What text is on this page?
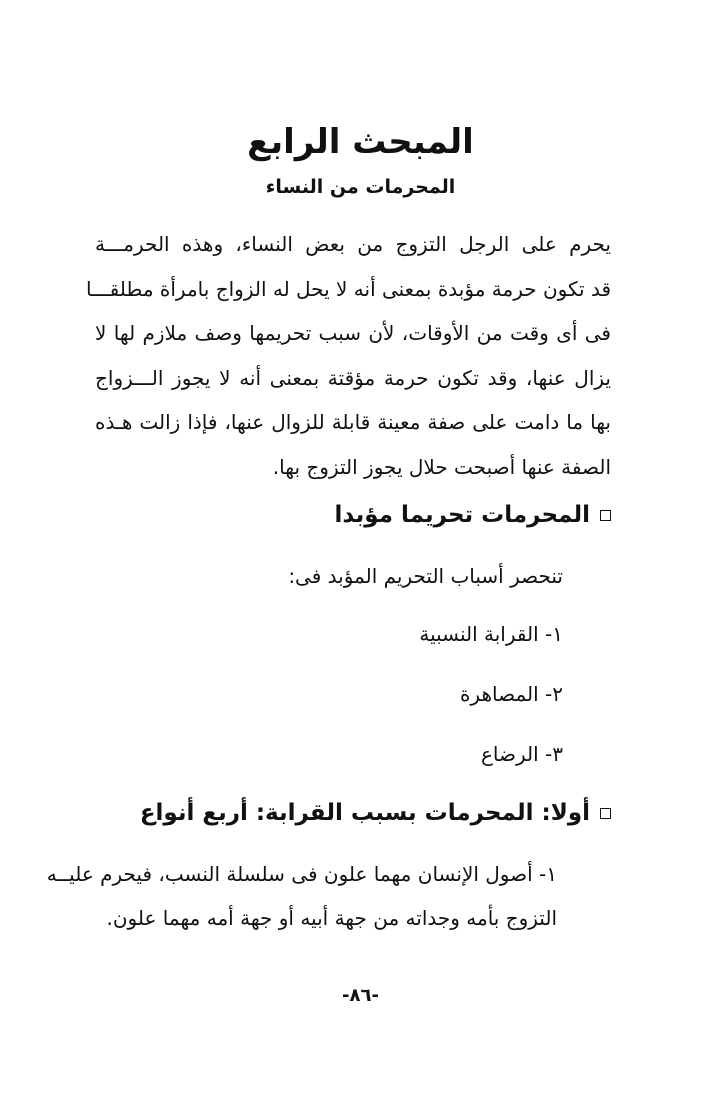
المبحث الرابع
المحرمات من النساء
يحرم على الرجل التزوج من بعض النساء، وهذه الحرمـــة
قد تكون حرمة مؤبدة بمعنى أنه لا يحل له الزواج بامرأة مطلقـــا
فى أى وقت من الأوقات، لأن سبب تحريمها وصف ملازم لها لا
يزال عنها، وقد تكون حرمة مؤقتة بمعنى أنه لا يجوز الـــزواج
بها ما دامت على صفة معينة قابلة للزوال عنها، فإذا زالت هـذه
الصفة عنها أصبحت حلال يجوز التزوج بها.
المحرمات تحريما مؤبدا
تنحصر أسباب التحريم المؤبد فى:
١- القرابة النسبية
٢- المصاهرة
٣- الرضاع
أولا: المحرمات بسبب القرابة: أربع أنواع
١- أصول الإنسان مهما علون فى سلسلة النسب، فيحرم عليــه
التزوج بأمه وجداته من جهة أبيه أو جهة أمه مهما علون.
-٨٦-
